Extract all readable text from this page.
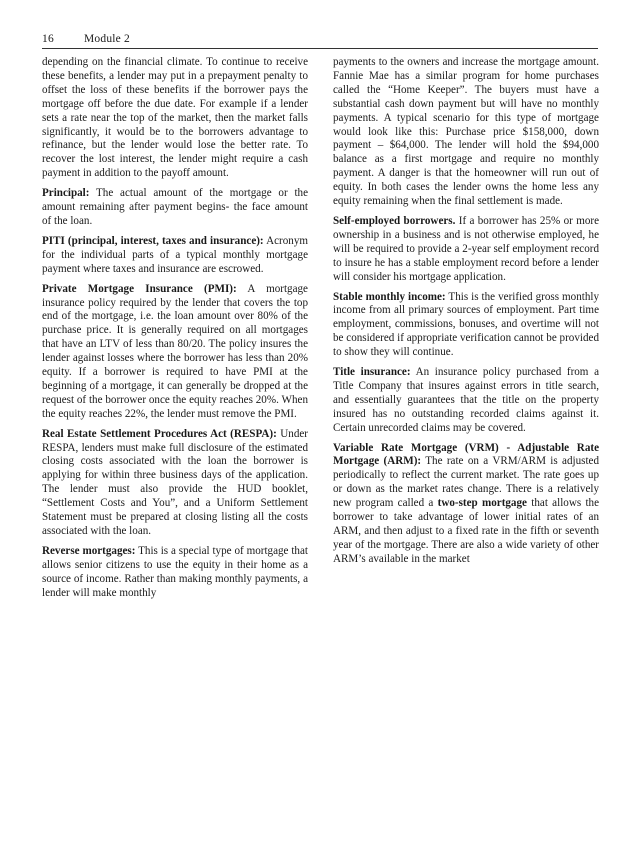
16	Module 2

depending on the financial climate. To continue to receive these benefits, a lender may put in a prepayment penalty to offset the loss of these benefits if the borrower pays the mortgage off before the due date. For example if a lender sets a rate near the top of the market, then the market falls significantly, it would be to the borrowers advantage to refinance, but the lender would lose the better rate. To recover the lost interest, the lender might require a cash payment in addition to the payoff amount.

Principal: The actual amount of the mortgage or the amount remaining after payment begins- the face amount of the loan.

PITI (principal, interest, taxes and insurance): Acronym for the individual parts of a typical monthly mortgage payment where taxes and insurance are escrowed.

Private Mortgage Insurance (PMI): A mortgage insurance policy required by the lender that covers the top end of the mortgage, i.e. the loan amount over 80% of the purchase price. It is generally required on all mortgages that have an LTV of less than 80/20. The policy insures the lender against losses where the borrower has less than 20% equity. If a borrower is required to have PMI at the beginning of a mortgage, it can generally be dropped at the request of the borrower once the equity reaches 20%. When the equity reaches 22%, the lender must remove the PMI.

Real Estate Settlement Procedures Act (RESPA): Under RESPA, lenders must make full disclosure of the estimated closing costs associated with the loan the borrower is applying for within three business days of the application. The lender must also provide the HUD booklet, “Settlement Costs and You”, and a Uniform Settlement Statement must be prepared at closing listing all the costs associated with the loan.

Reverse mortgages: This is a special type of mortgage that allows senior citizens to use the equity in their home as a source of income. Rather than making monthly payments, a lender will make monthly

payments to the owners and increase the mortgage amount. Fannie Mae has a similar program for home purchases called the “Home Keeper”. The buyers must have a substantial cash down payment but will have no monthly payments. A typical scenario for this type of mortgage would look like this: Purchase price $158,000, down payment – $64,000. The lender will hold the $94,000 balance as a first mortgage and require no monthly payment. A danger is that the homeowner will run out of equity. In both cases the lender owns the home less any equity remaining when the final settlement is made.

Self-employed borrowers. If a borrower has 25% or more ownership in a business and is not otherwise employed, he will be required to provide a 2-year self employment record to insure he has a stable employment record before a lender will consider his mortgage application.

Stable monthly income: This is the verified gross monthly income from all primary sources of employment. Part time employment, commissions, bonuses, and overtime will not be considered if appropriate verification cannot be provided to show they will continue.

Title insurance: An insurance policy purchased from a Title Company that insures against errors in title search, and essentially guarantees that the title on the property insured has no outstanding recorded claims against it. Certain unrecorded claims may be covered.

Variable Rate Mortgage (VRM) - Adjustable Rate Mortgage (ARM): The rate on a VRM/ARM is adjusted periodically to reflect the current market. The rate goes up or down as the market rates change. There is a relatively new program called a two-step mortgage that allows the borrower to take advantage of lower initial rates of an ARM, and then adjust to a fixed rate in the fifth or seventh year of the mortgage. There are also a wide variety of other ARM’s available in the market
